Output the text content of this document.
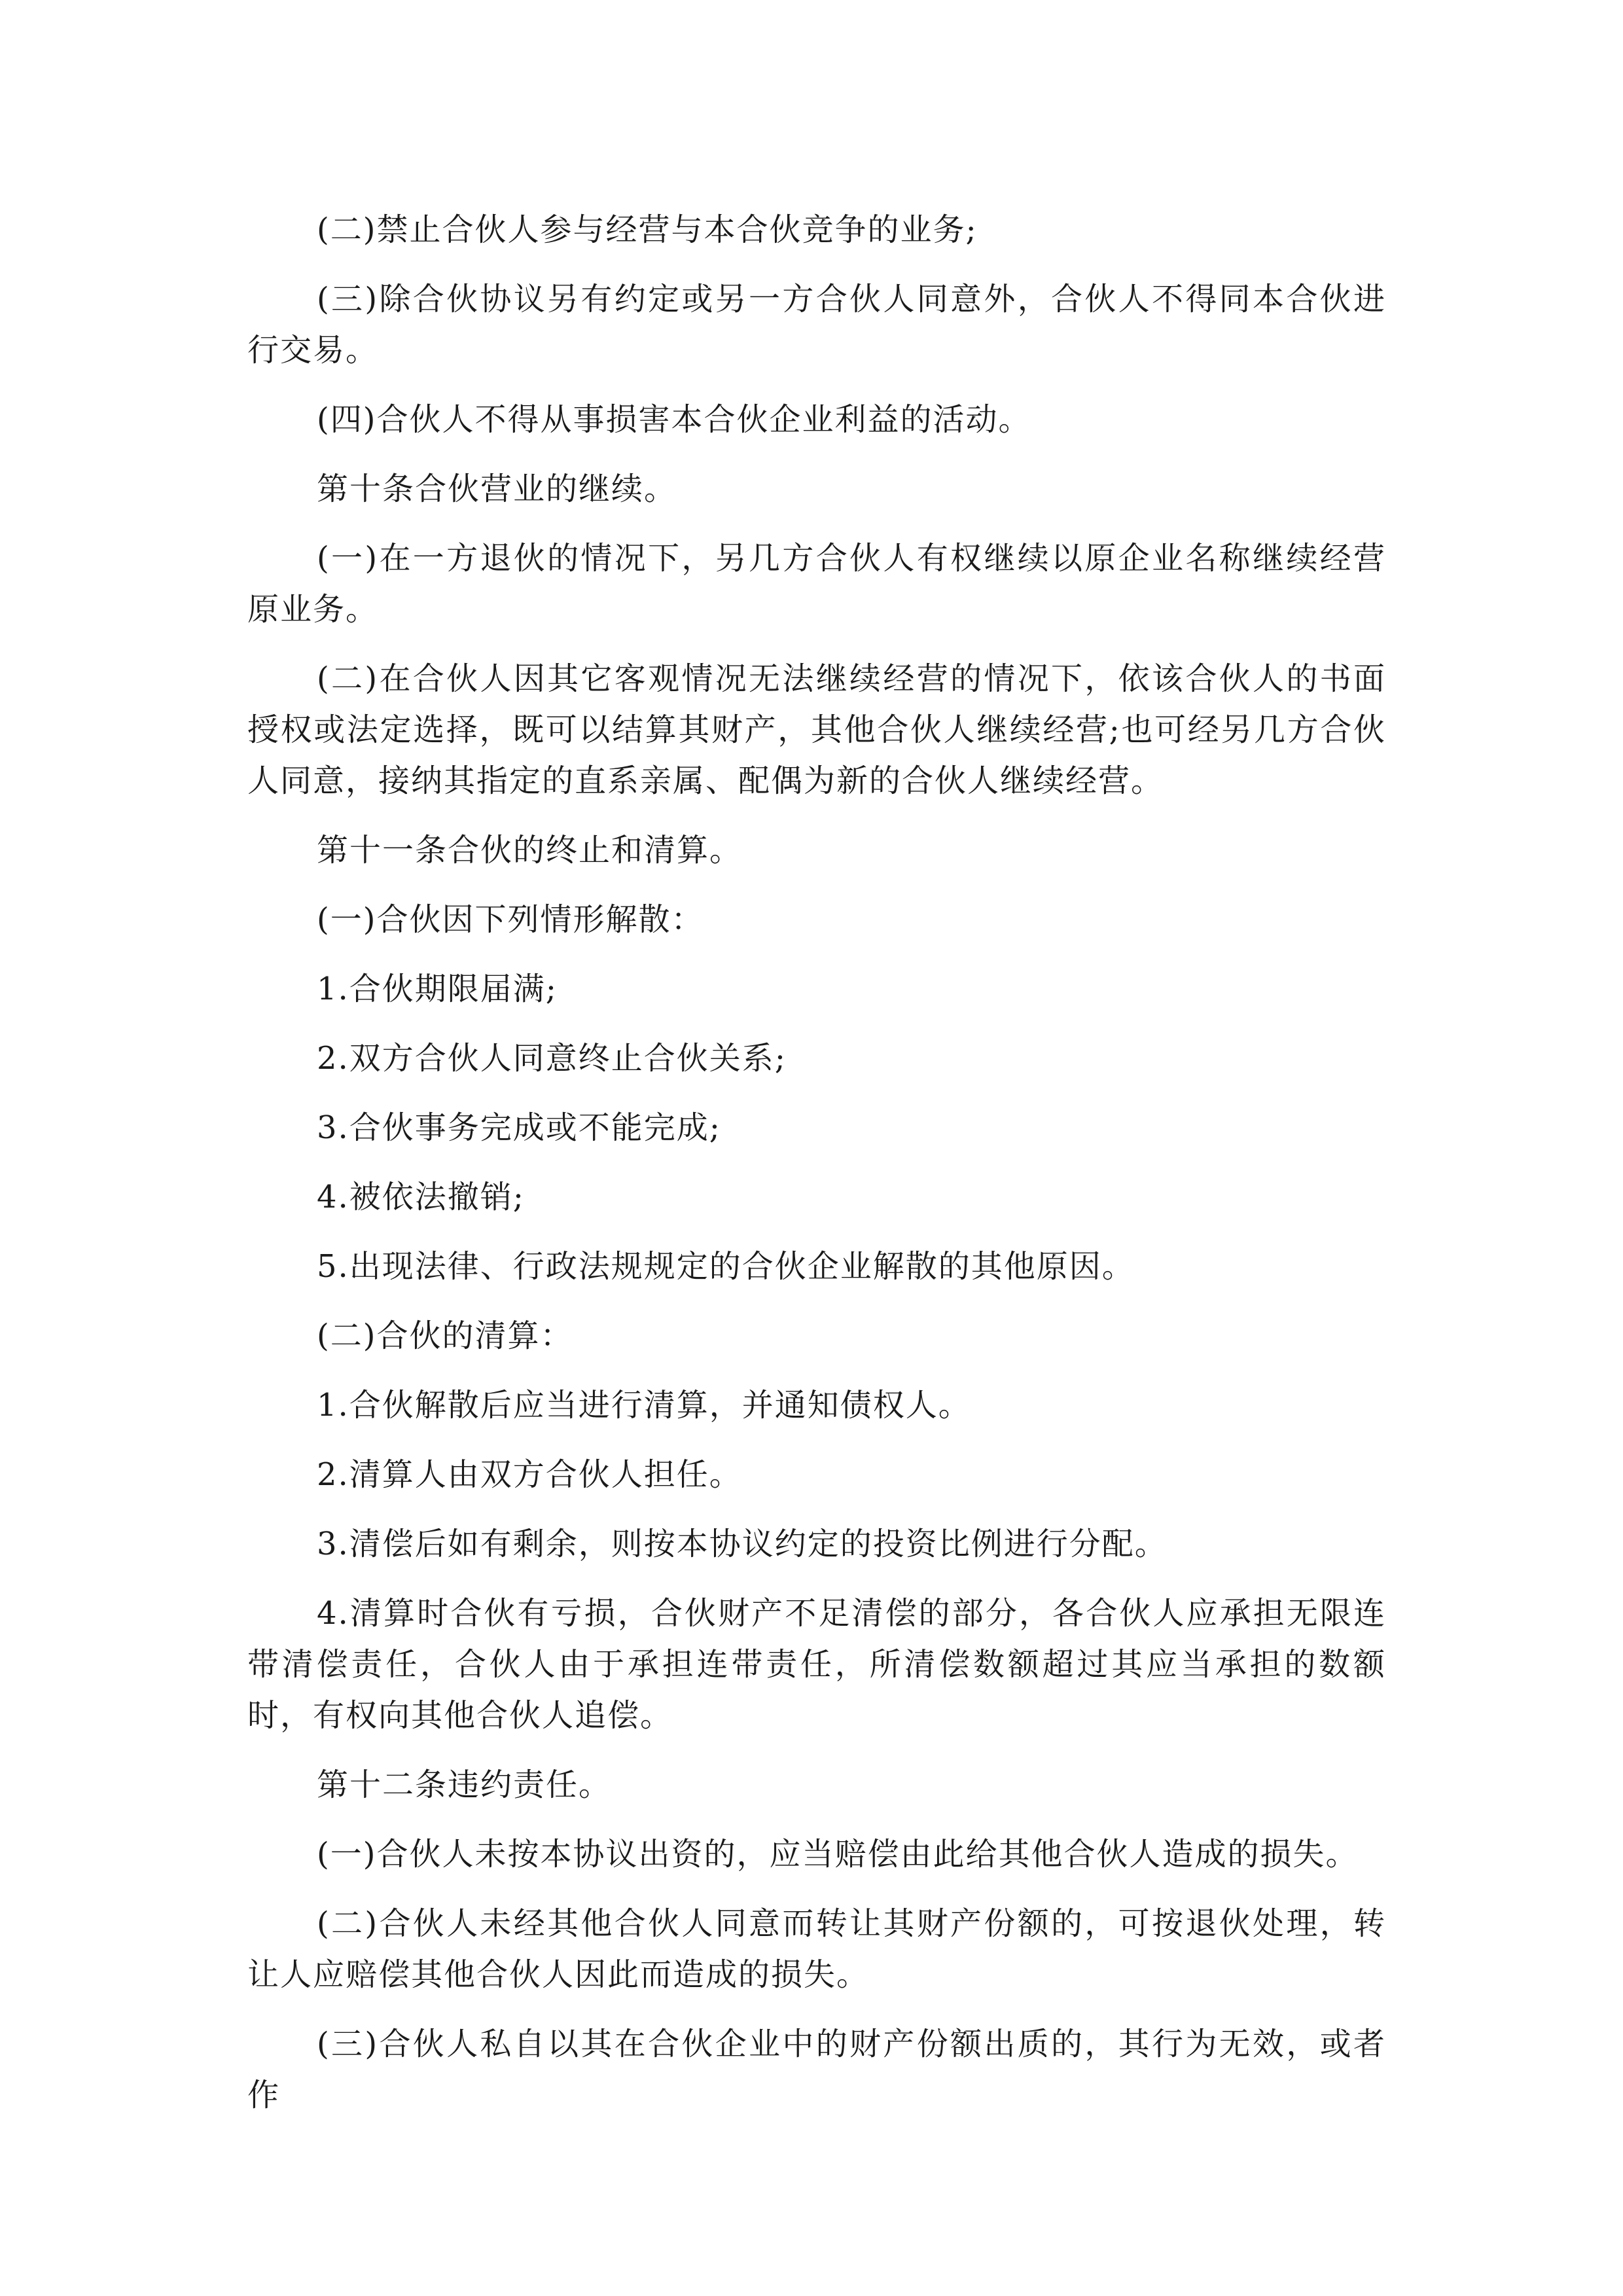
(二)禁止合伙人参与经营与本合伙竞争的业务;

(三)除合伙协议另有约定或另一方合伙人同意外，合伙人不得同本合伙进行交易。

(四)合伙人不得从事损害本合伙企业利益的活动。

第十条合伙营业的继续。

(一)在一方退伙的情况下，另几方合伙人有权继续以原企业名称继续经营原业务。

(二)在合伙人因其它客观情况无法继续经营的情况下，依该合伙人的书面授权或法定选择，既可以结算其财产，其他合伙人继续经营;也可经另几方合伙人同意，接纳其指定的直系亲属、配偶为新的合伙人继续经营。

第十一条合伙的终止和清算。

(一)合伙因下列情形解散：

1.合伙期限届满;

2.双方合伙人同意终止合伙关系;

3.合伙事务完成或不能完成;

4.被依法撤销;

5.出现法律、行政法规规定的合伙企业解散的其他原因。

(二)合伙的清算：

1.合伙解散后应当进行清算，并通知债权人。

2.清算人由双方合伙人担任。

3.清偿后如有剩余，则按本协议约定的投资比例进行分配。

4.清算时合伙有亏损，合伙财产不足清偿的部分，各合伙人应承担无限连带清偿责任，合伙人由于承担连带责任，所清偿数额超过其应当承担的数额时，有权向其他合伙人追偿。

第十二条违约责任。

(一)合伙人未按本协议出资的，应当赔偿由此给其他合伙人造成的损失。

(二)合伙人未经其他合伙人同意而转让其财产份额的，可按退伙处理，转让人应赔偿其他合伙人因此而造成的损失。

(三)合伙人私自以其在合伙企业中的财产份额出质的，其行为无效，或者作
